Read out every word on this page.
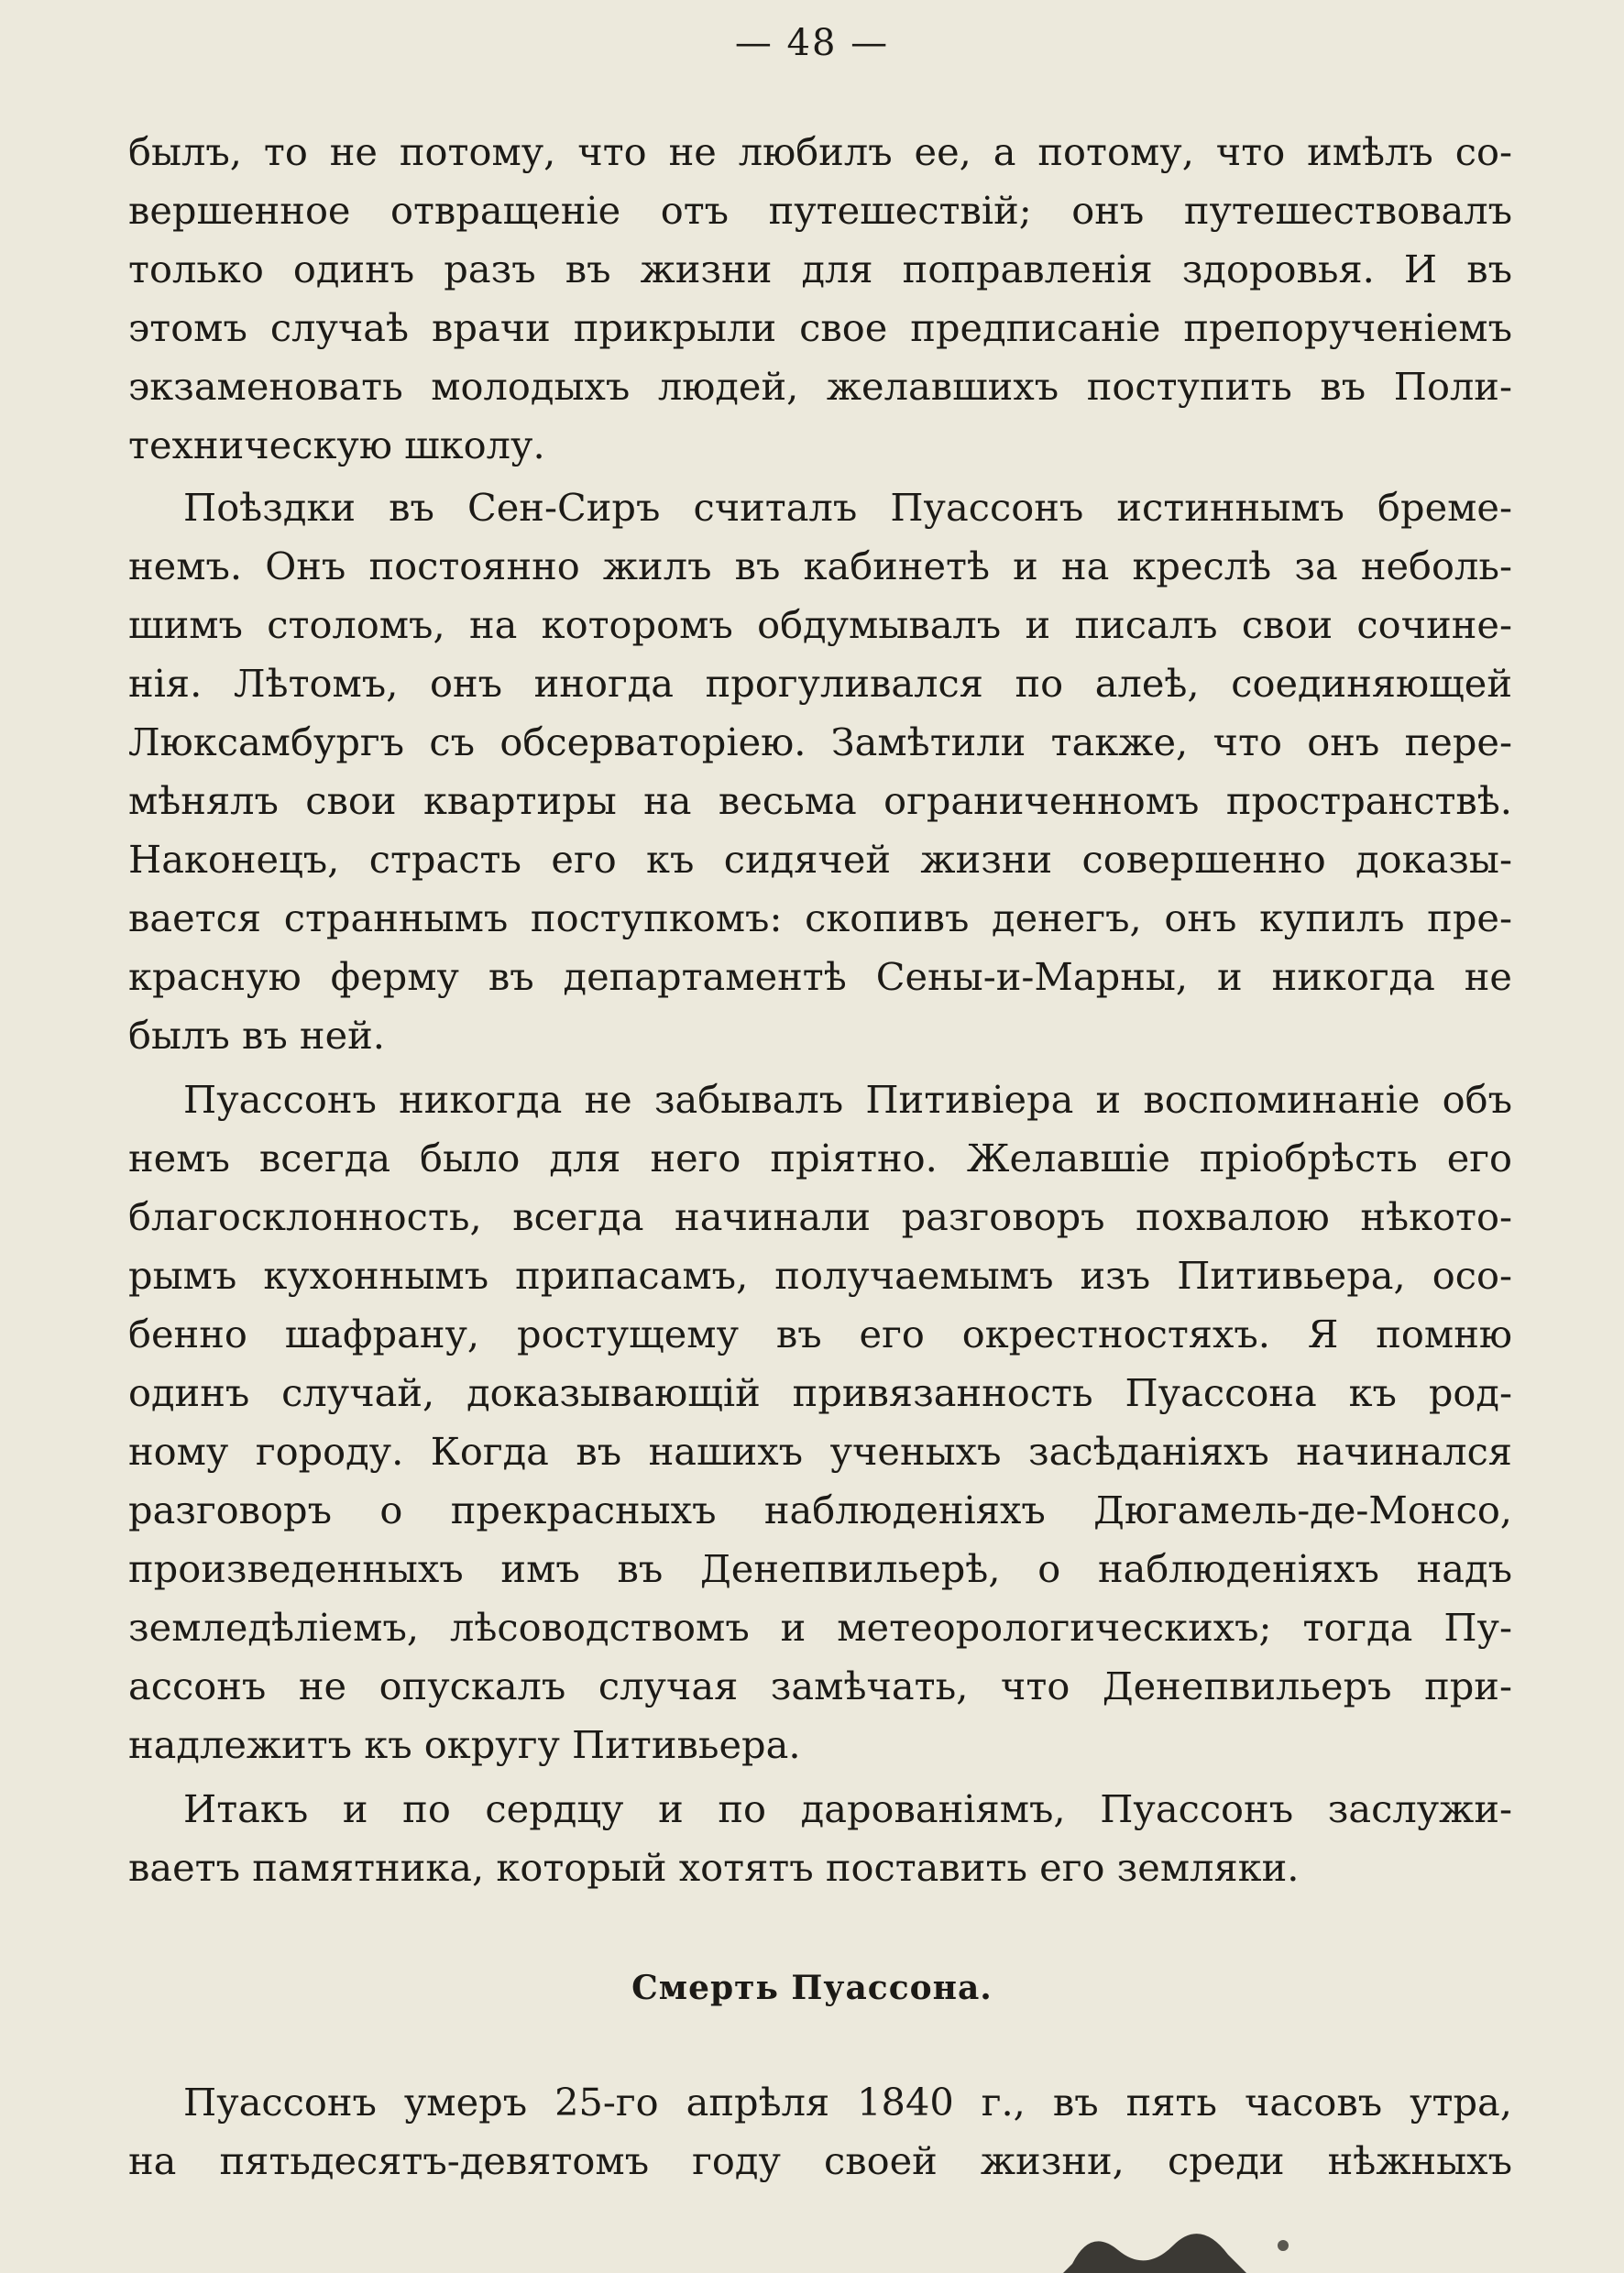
— 48 —

былъ, то не потому, что не любилъ ее, а потому, что имѣлъ со-
вершенное отвращеніе отъ путешествій; онъ путешествовалъ
только одинъ разъ въ жизни для поправленія здоровья. И въ
этомъ случаѣ врачи прикрыли свое предписаніе препорученіемъ
экзаменовать молодыхъ людей, желавшихъ поступить въ Поли-
техническую школу.

Поѣздки въ Сен-Сиръ считалъ Пуассонъ истиннымъ бреме-
немъ. Онъ постоянно жилъ въ кабинетѣ и на креслѣ за неболь-
шимъ столомъ, на которомъ обдумывалъ и писалъ свои сочине-
нія. Лѣтомъ, онъ иногда прогуливался по алеѣ, соединяющей
Люксамбургъ съ обсерваторіею. Замѣтили также, что онъ пере-
мѣнялъ свои квартиры на весьма ограниченномъ пространствѣ.
Наконецъ, страсть его къ сидячей жизни совершенно доказы-
вается страннымъ поступкомъ: скопивъ денегъ, онъ купилъ пре-
красную ферму въ департаментѣ Сены-и-Марны, и никогда не
былъ въ ней.

Пуассонъ никогда не забывалъ Питивіера и воспоминаніе объ
немъ всегда было для него пріятно. Желавшіе пріобрѣсть его
благосклонность, всегда начинали разговоръ похвалою нѣкото-
рымъ кухоннымъ припасамъ, получаемымъ изъ Питивьера, осо-
бенно шафрану, ростущему въ его окрестностяхъ. Я помню
одинъ случай, доказывающій привязанность Пуассона къ род-
ному городу. Когда въ нашихъ ученыхъ засѣданіяхъ начинался
разговоръ о прекрасныхъ наблюденіяхъ Дюгамель-де-Монсо,
произведенныхъ имъ въ Денепвильерѣ, о наблюденіяхъ надъ
земледѣліемъ, лѣсоводствомъ и метеорологическихъ; тогда Пу-
ассонъ не опускалъ случая замѣчать, что Денепвильеръ при-
надлежитъ къ округу Питивьера.

Итакъ и по сердцу и по дарованіямъ, Пуассонъ заслужи-
ваетъ памятника, который хотятъ поставить его земляки.

Смерть Пуассона.

Пуассонъ умеръ 25-го апрѣля 1840 г., въ пять часовъ утра,
на пятьдесятъ-девятомъ году своей жизни, среди нѣжныхъ
